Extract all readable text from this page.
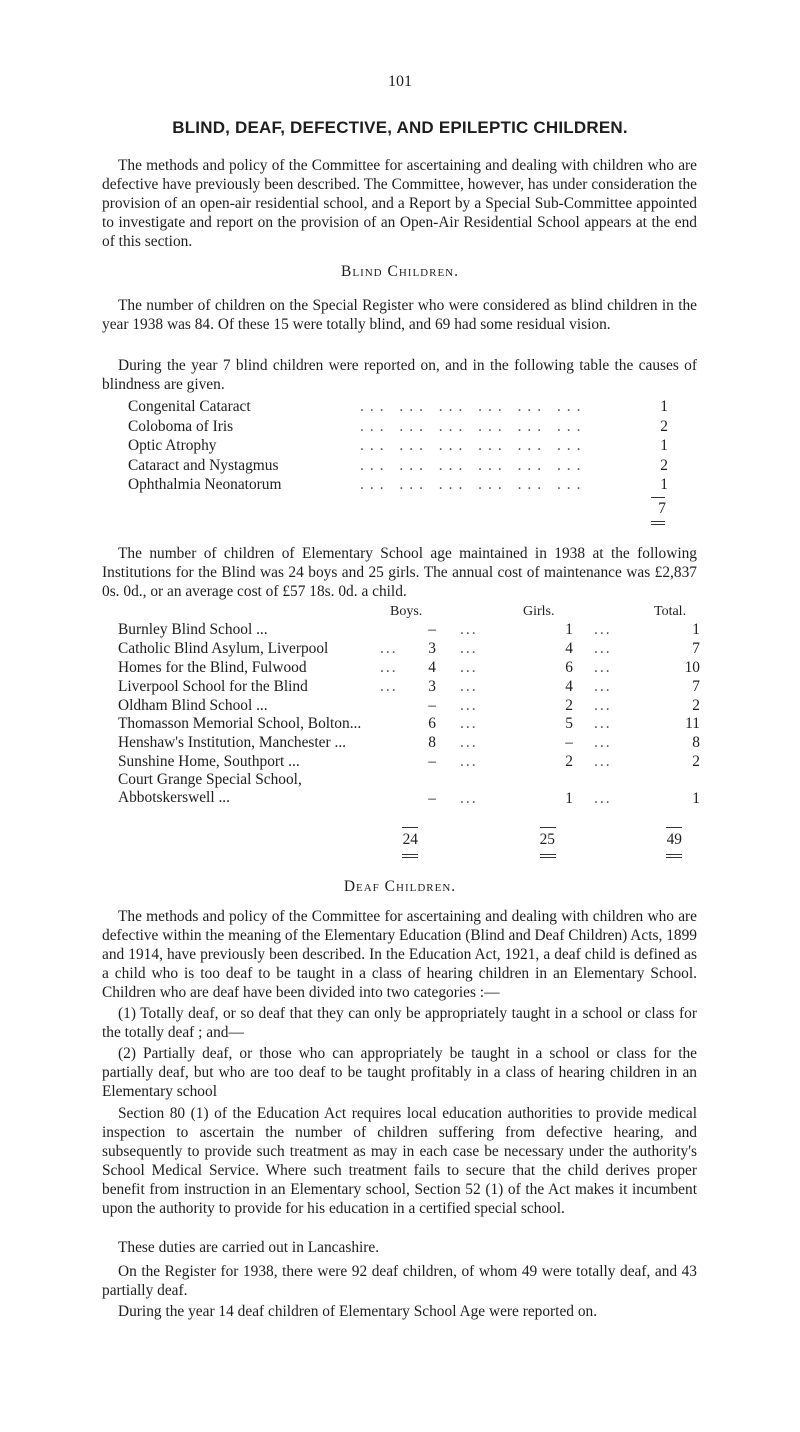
101
BLIND, DEAF, DEFECTIVE, AND EPILEPTIC CHILDREN.

The methods and policy of the Committee for ascertaining and dealing with children who are defective have previously been described. The Committee, however, has under consideration the provision of an open-air residential school, and a Report by a Special Sub-Committee appointed to investigate and report on the provision of an Open-Air Residential School appears at the end of this section.

Blind Children.

The number of children on the Special Register who were considered as blind children in the year 1938 was 84. Of these 15 were totally blind, and 69 had some residual vision.

During the year 7 blind children were reported on, and in the following table the causes of blindness are given.

Congenital Cataract	... ... ... ... ... ...	1
Coloboma of Iris	... ... ... ... ... ...	2
Optic Atrophy	... ... ... ... ... ...	1
Cataract and Nystagmus	... ... ... ... ... ...	2
Ophthalmia Neonatorum	... ... ... ... ... ...	1
7

The number of children of Elementary School age maintained in 1938 at the following Institutions for the Blind was 24 boys and 25 girls. The annual cost of maintenance was £2,837 0s. 0d., or an average cost of £57 18s. 0d. a child.

Boys.	Girls.	Total.
Burnley Blind School ...	– ...	1 ...	1
Catholic Blind Asylum, Liverpool	...	3 ...	4 ...	7
Homes for the Blind, Fulwood	...	4 ...	6 ...	10
Liverpool School for the Blind	...	3 ...	4 ...	7
Oldham Blind School ...	– ...	2 ...	2
Thomasson Memorial School, Bolton...	6 ...	5 ...	11
Henshaw's Institution, Manchester ...	8 ...	– ...	8
Sunshine Home, Southport ...	– ...	2 ...	2
Court Grange Special School, Abbotskerswell ...	– ...	1 ...	1
24	25	49
Deaf Children.

The methods and policy of the Committee for ascertaining and dealing with children who are defective within the meaning of the Elementary Education (Blind and Deaf Children) Acts, 1899 and 1914, have previously been described. In the Education Act, 1921, a deaf child is defined as a child who is too deaf to be taught in a class of hearing children in an Elementary School. Children who are deaf have been divided into two categories :—

(1) Totally deaf, or so deaf that they can only be appropriately taught in a school or class for the totally deaf ; and—

(2) Partially deaf, or those who can appropriately be taught in a school or class for the partially deaf, but who are too deaf to be taught profitably in a class of hearing children in an Elementary school

Section 80 (1) of the Education Act requires local education authorities to provide medical inspection to ascertain the number of children suffering from defective hearing, and subsequently to provide such treatment as may in each case be necessary under the authority's School Medical Service. Where such treatment fails to secure that the child derives proper benefit from instruction in an Elementary school, Section 52 (1) of the Act makes it incumbent upon the authority to provide for his education in a certified special school.

These duties are carried out in Lancashire.

On the Register for 1938, there were 92 deaf children, of whom 49 were totally deaf, and 43 partially deaf.

During the year 14 deaf children of Elementary School Age were reported on.
